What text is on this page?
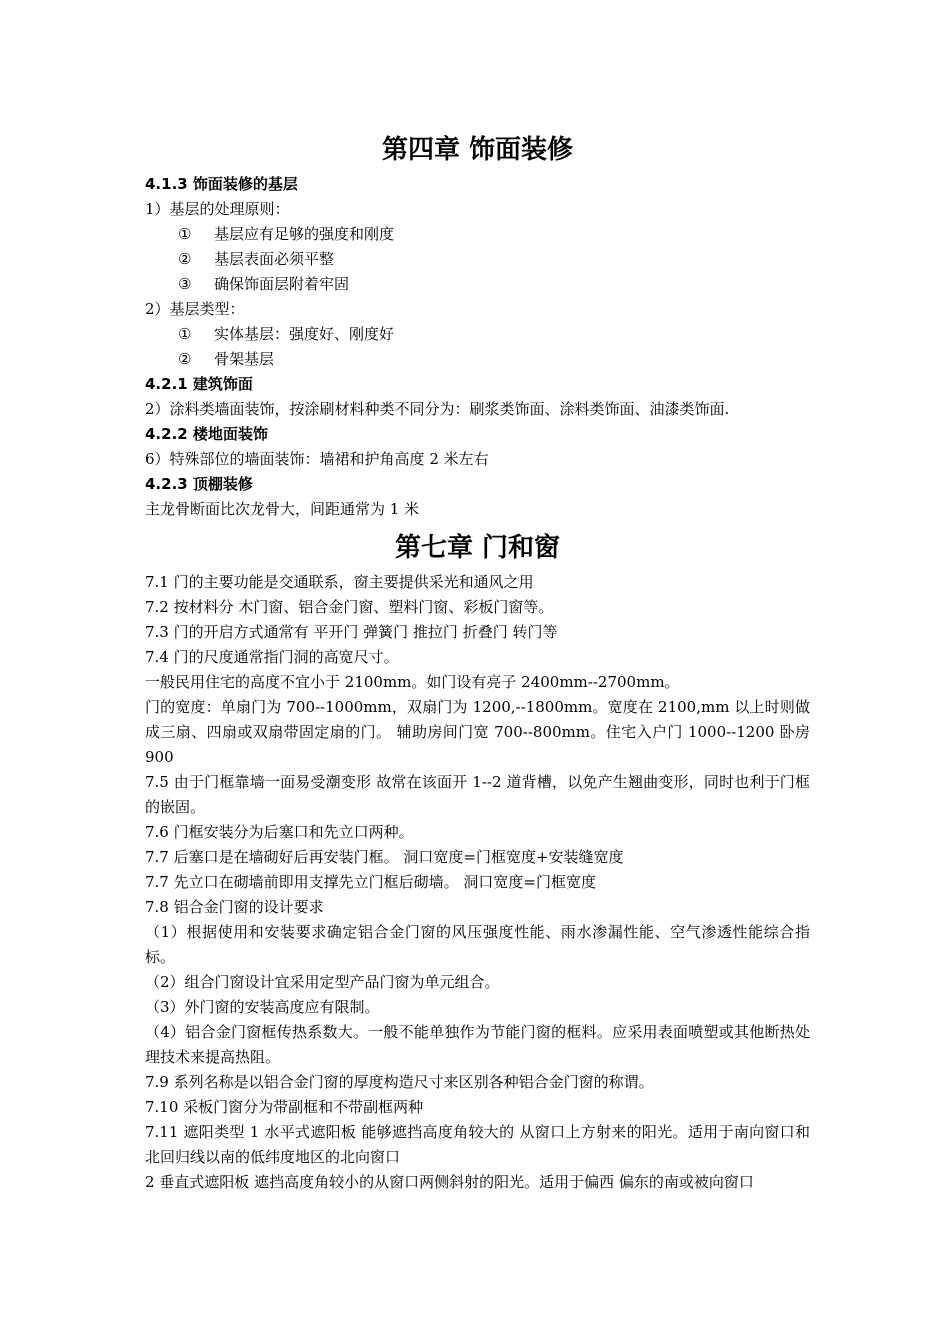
第四章 饰面装修
4.1.3 饰面装修的基层
1）基层的处理原则：
① 基层应有足够的强度和刚度
② 基层表面必须平整
③ 确保饰面层附着牢固
2）基层类型：
① 实体基层：强度好、刚度好
② 骨架基层
4.2.1 建筑饰面
2）涂料类墙面装饰，按涂刷材料种类不同分为：刷浆类饰面、涂料类饰面、油漆类饰面.
4.2.2 楼地面装饰
6）特殊部位的墙面装饰：墙裙和护角高度 2 米左右
4.2.3 顶棚装修
主龙骨断面比次龙骨大，间距通常为 1 米
第七章 门和窗

7.1 门的主要功能是交通联系，窗主要提供采光和通风之用

7.2 按材料分 木门窗、铝合金门窗、塑料门窗、彩板门窗等。

7.3 门的开启方式通常有 平开门 弹簧门 推拉门 折叠门 转门等

7.4 门的尺度通常指门洞的高宽尺寸。

一般民用住宅的高度不宜小于 2100mm。如门设有亮子 2400mm--2700mm。

门的宽度：单扇门为 700--1000mm，双扇门为 1200,--1800mm。宽度在 2100,mm 以上时则做成三扇、四扇或双扇带固定扇的门。 辅助房间门宽 700--800mm。住宅入户门 1000--1200 卧房 900

7.5 由于门框靠墙一面易受潮变形 故常在该面开 1--2 道背槽，以免产生翘曲变形，同时也利于门框的嵌固。

7.6 门框安装分为后塞口和先立口两种。

7.7 后塞口是在墙砌好后再安装门框。 洞口宽度=门框宽度+安装缝宽度

7.7 先立口在砌墙前即用支撑先立门框后砌墙。 洞口宽度=门框宽度

7.8 铝合金门窗的设计要求

（1）根据使用和安装要求确定铝合金门窗的风压强度性能、雨水渗漏性能、空气渗透性能综合指标。

（2）组合门窗设计宜采用定型产品门窗为单元组合。

（3）外门窗的安装高度应有限制。

（4）铝合金门窗框传热系数大。一般不能单独作为节能门窗的框料。应采用表面喷塑或其他断热处理技术来提高热阻。

7.9 系列名称是以铝合金门窗的厚度构造尺寸来区别各种铝合金门窗的称谓。

7.10 采板门窗分为带副框和不带副框两种

7.11 遮阳类型 1 水平式遮阳板 能够遮挡高度角较大的 从窗口上方射来的阳光。适用于南向窗口和北回归线以南的低纬度地区的北向窗口

2 垂直式遮阳板 遮挡高度角较小的从窗口两侧斜射的阳光。适用于偏西 偏东的南或被向窗口
